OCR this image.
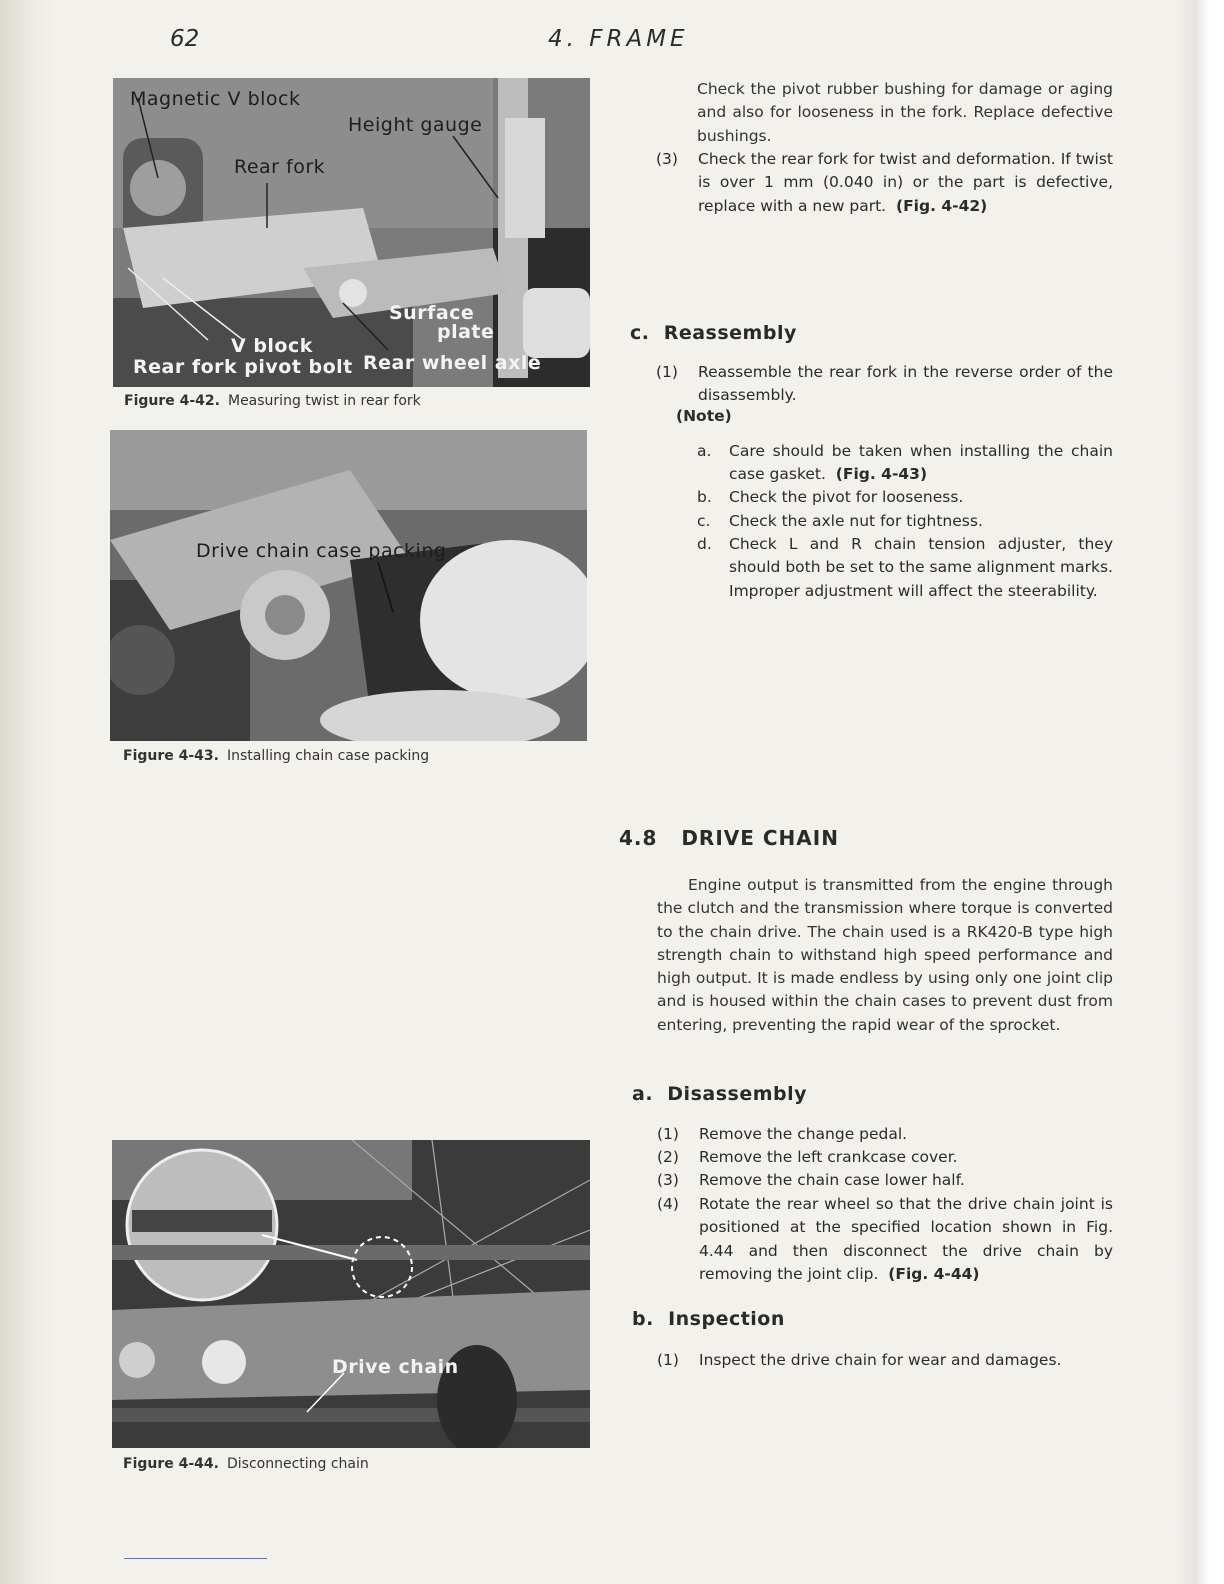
62	4. FRAME
Magnetic V block
Height gauge
Rear fork
Surface
plate
V block
Rear fork pivot bolt Rear wheel axle
Figure 4-42. Measuring twist in rear fork
Drive chain case packing
Figure 4-43. Installing chain case packing
Drive chain
Figure 4-44. Disconnecting chain
Check the pivot rubber bushing for damage or aging and also for looseness in the fork. Replace defective bushings.
(3)	Check the rear fork for twist and deformation. If twist is over 1 mm (0.040 in) or the part is defective, replace with a new part. (Fig. 4-42)
c. Reassembly
(1)	Reassemble the rear fork in the reverse order of the disassembly.
(Note)
a.	Care should be taken when installing the chain case gasket. (Fig. 4-43)
b.	Check the pivot for looseness.
c.	Check the axle nut for tightness.
d.	Check L and R chain tension adjuster, they should both be set to the same alignment marks. Improper adjustment will affect the steerability.
4.8 DRIVE CHAIN
Engine output is transmitted from the engine through the clutch and the transmission where torque is converted to the chain drive. The chain used is a RK420-B type high strength chain to withstand high speed performance and high output. It is made endless by using only one joint clip and is housed within the chain cases to prevent dust from entering, preventing the rapid wear of the sprocket.
a. Disassembly
(1)	Remove the change pedal.
(2)	Remove the left crankcase cover.
(3)	Remove the chain case lower half.
(4)	Rotate the rear wheel so that the drive chain joint is positioned at the specified location shown in Fig. 4.44 and then disconnect the drive chain by removing the joint clip. (Fig. 4-44)
b. Inspection
(1)	Inspect the drive chain for wear and damages.
